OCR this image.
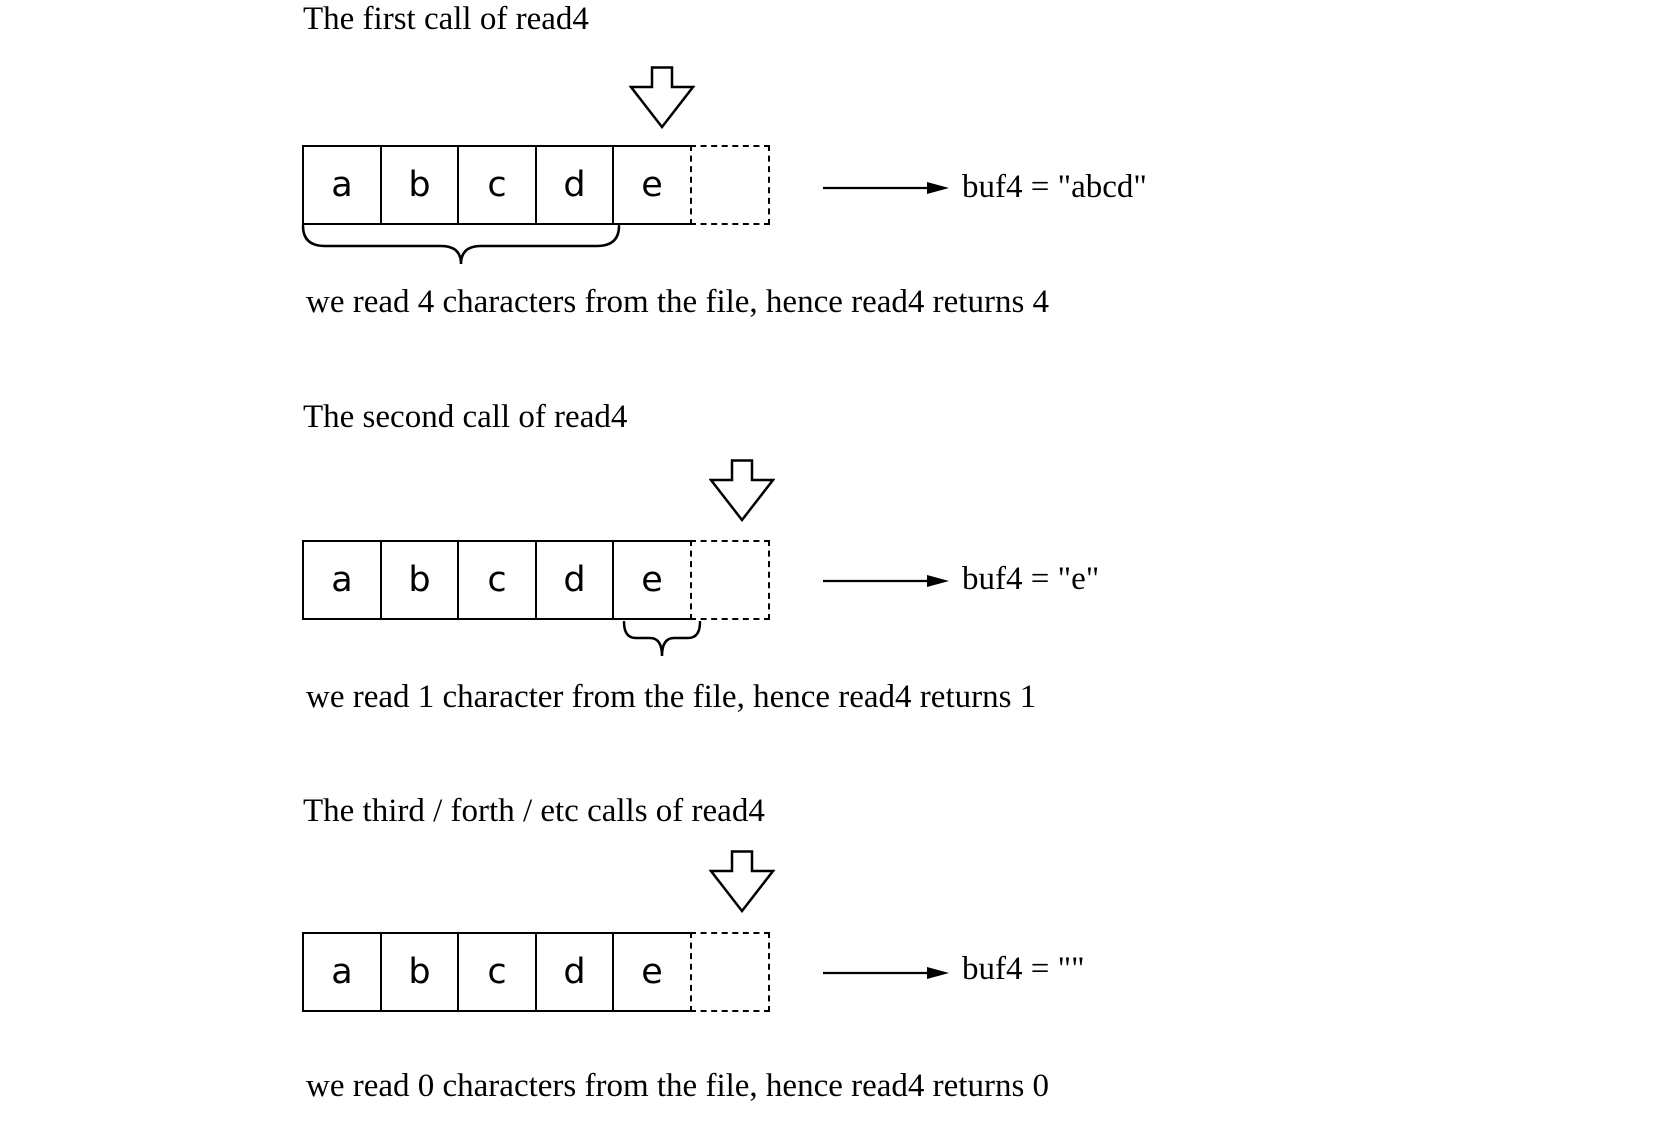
The first call of read4
a	b	c	d	e	buf4 = "abcd"
we read 4 characters from the file, hence read4 returns 4
The second call of read4
a	b	c	d	e	buf4 = "e"
we read 1 character from the file, hence read4 returns 1
The third / forth / etc calls of read4
a	b	c	d	e	buf4 = ""
we read 0 characters from the file, hence read4 returns 0
